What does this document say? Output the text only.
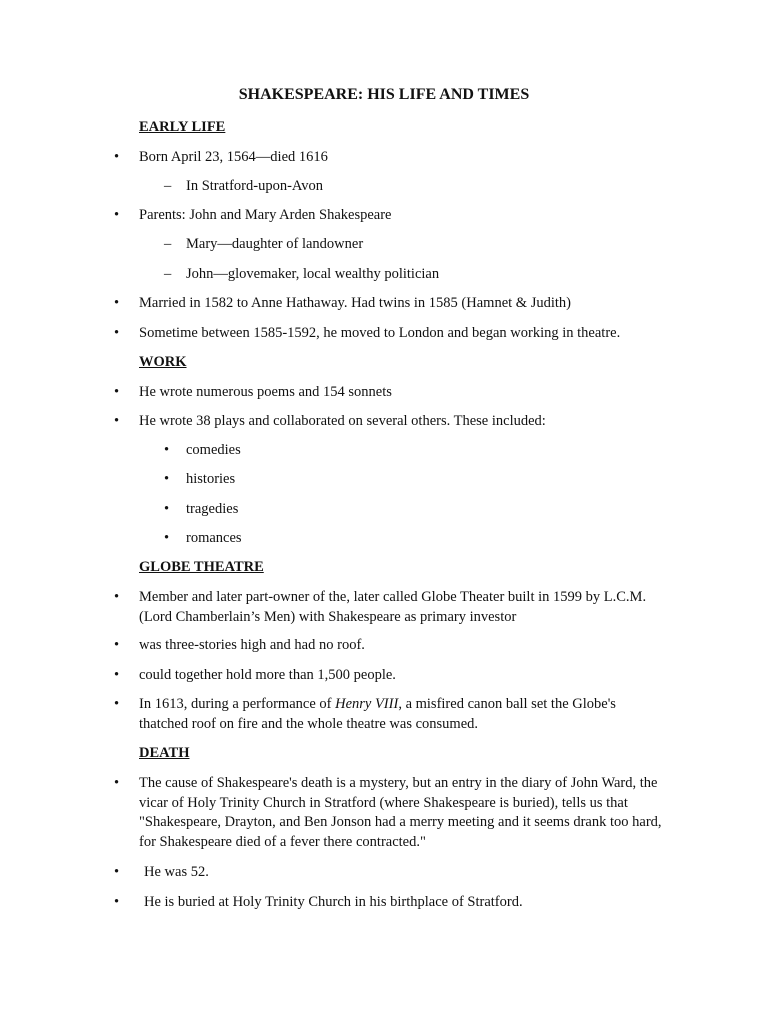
SHAKESPEARE: HIS LIFE AND TIMES
EARLY LIFE
• Born April 23, 1564—died 1616
– In Stratford-upon-Avon
• Parents: John and Mary Arden Shakespeare
– Mary—daughter of landowner
– John—glovemaker, local wealthy politician
• Married in 1582 to Anne Hathaway. Had twins in 1585 (Hamnet & Judith)
• Sometime between 1585-1592, he moved to London and began working in theatre.
WORK
• He wrote numerous poems and 154 sonnets
• He wrote 38 plays and collaborated on several others. These included:
• comedies
• histories
• tragedies
• romances
GLOBE THEATRE
• Member and later part-owner of the, later called Globe Theater built in 1599 by L.C.M. (Lord Chamberlain’s Men) with Shakespeare as primary investor
• was three-stories high and had no roof.
• could together hold more than 1,500 people.
• In 1613, during a performance of Henry VIII, a misfired canon ball set the Globe's thatched roof on fire and the whole theatre was consumed.
DEATH
• The cause of Shakespeare's death is a mystery, but an entry in the diary of John Ward, the vicar of Holy Trinity Church in Stratford (where Shakespeare is buried), tells us that "Shakespeare, Drayton, and Ben Jonson had a merry meeting and it seems drank too hard, for Shakespeare died of a fever there contracted."
• He was 52.
• He is buried at Holy Trinity Church in his birthplace of Stratford.
